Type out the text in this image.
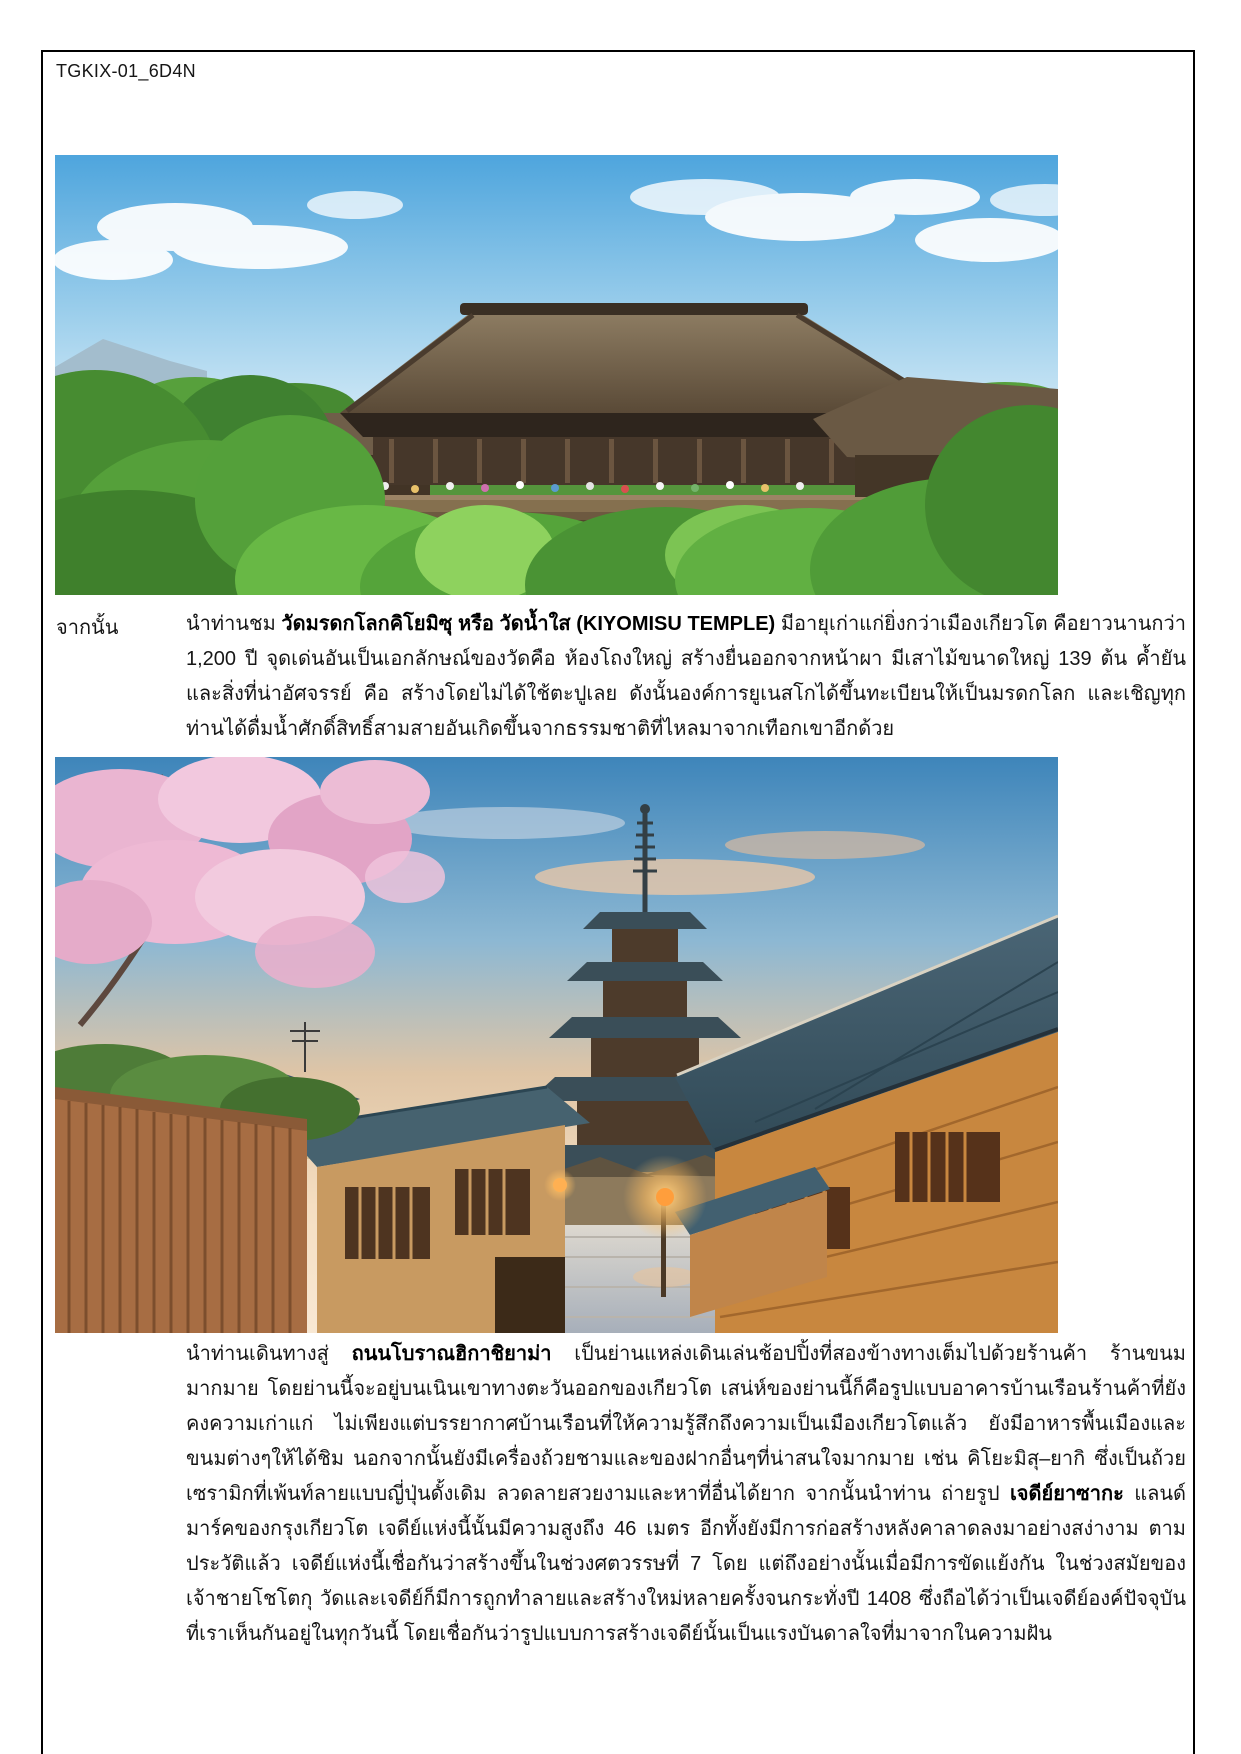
TGKIX-01_6D4N
จากนั้น	นำท่านชม วัดมรดกโลกคิโยมิซุ หรือ วัดน้ำใส (KIYOMISU TEMPLE) มีอายุเก่าแก่ยิ่งกว่าเมืองเกียวโต คือยาวนานกว่า 1,200 ปี จุดเด่นอันเป็นเอกลักษณ์ของวัดคือ ห้องโถงใหญ่ สร้างยื่นออกจากหน้าผา มีเสาไม้ขนาดใหญ่ 139 ต้น ค้ำยัน และสิ่งที่น่าอัศจรรย์ คือ สร้างโดยไม่ได้ใช้ตะปูเลย ดังนั้นองค์การยูเนสโกได้ขึ้นทะเบียนให้เป็นมรดกโลก และเชิญทุกท่านได้ดื่มน้ำศักดิ์สิทธิ์สามสายอันเกิดขึ้นจากธรรมชาติที่ไหลมาจากเทือกเขาอีกด้วย

นำท่านเดินทางสู่ ถนนโบราณฮิกาชิยาม่า เป็นย่านแหล่งเดินเล่นช้อปปิ้งที่สองข้างทางเต็มไปด้วยร้านค้า ร้านขนมมากมาย โดยย่านนี้จะอยู่บนเนินเขาทางตะวันออกของเกียวโต เสน่ห์ของย่านนี้ก็คือรูปแบบอาคารบ้านเรือนร้านค้าที่ยังคงความเก่าแก่ ไม่เพียงแต่บรรยากาศบ้านเรือนที่ให้ความรู้สึกถึงความเป็นเมืองเกียวโตแล้ว ยังมีอาหารพื้นเมืองและขนมต่างๆให้ได้ชิม นอกจากนั้นยังมีเครื่องถ้วยชามและของฝากอื่นๆที่น่าสนใจมากมาย เช่น คิโยะมิสุ–ยากิ ซึ่งเป็นถ้วยเซรามิกที่เพ้นท์ลายแบบญี่ปุ่นดั้งเดิม ลวดลายสวยงามและหาที่อื่นได้ยาก จากนั้นนำท่าน ถ่ายรูป เจดีย์ยาซากะ แลนด์มาร์คของกรุงเกียวโต เจดีย์แห่งนี้นั้นมีความสูงถึง 46 เมตร อีกทั้งยังมีการก่อสร้างหลังคาลาดลงมาอย่างสง่างาม ตามประวัติแล้ว เจดีย์แห่งนี้เชื่อกันว่าสร้างขึ้นในช่วงศตวรรษที่ 7 โดย แต่ถึงอย่างนั้นเมื่อมีการขัดแย้งกัน ในช่วงสมัยของเจ้าชายโชโตกุ วัดและเจดีย์ก็มีการถูกทำลายและสร้างใหม่หลายครั้งจนกระทั่งปี 1408 ซึ่งถือได้ว่าเป็นเจดีย์องค์ปัจจุบันที่เราเห็นกันอยู่ในทุกวันนี้ โดยเชื่อกันว่ารูปแบบการสร้างเจดีย์นั้นเป็นแรงบันดาลใจที่มาจากในความฝัน
